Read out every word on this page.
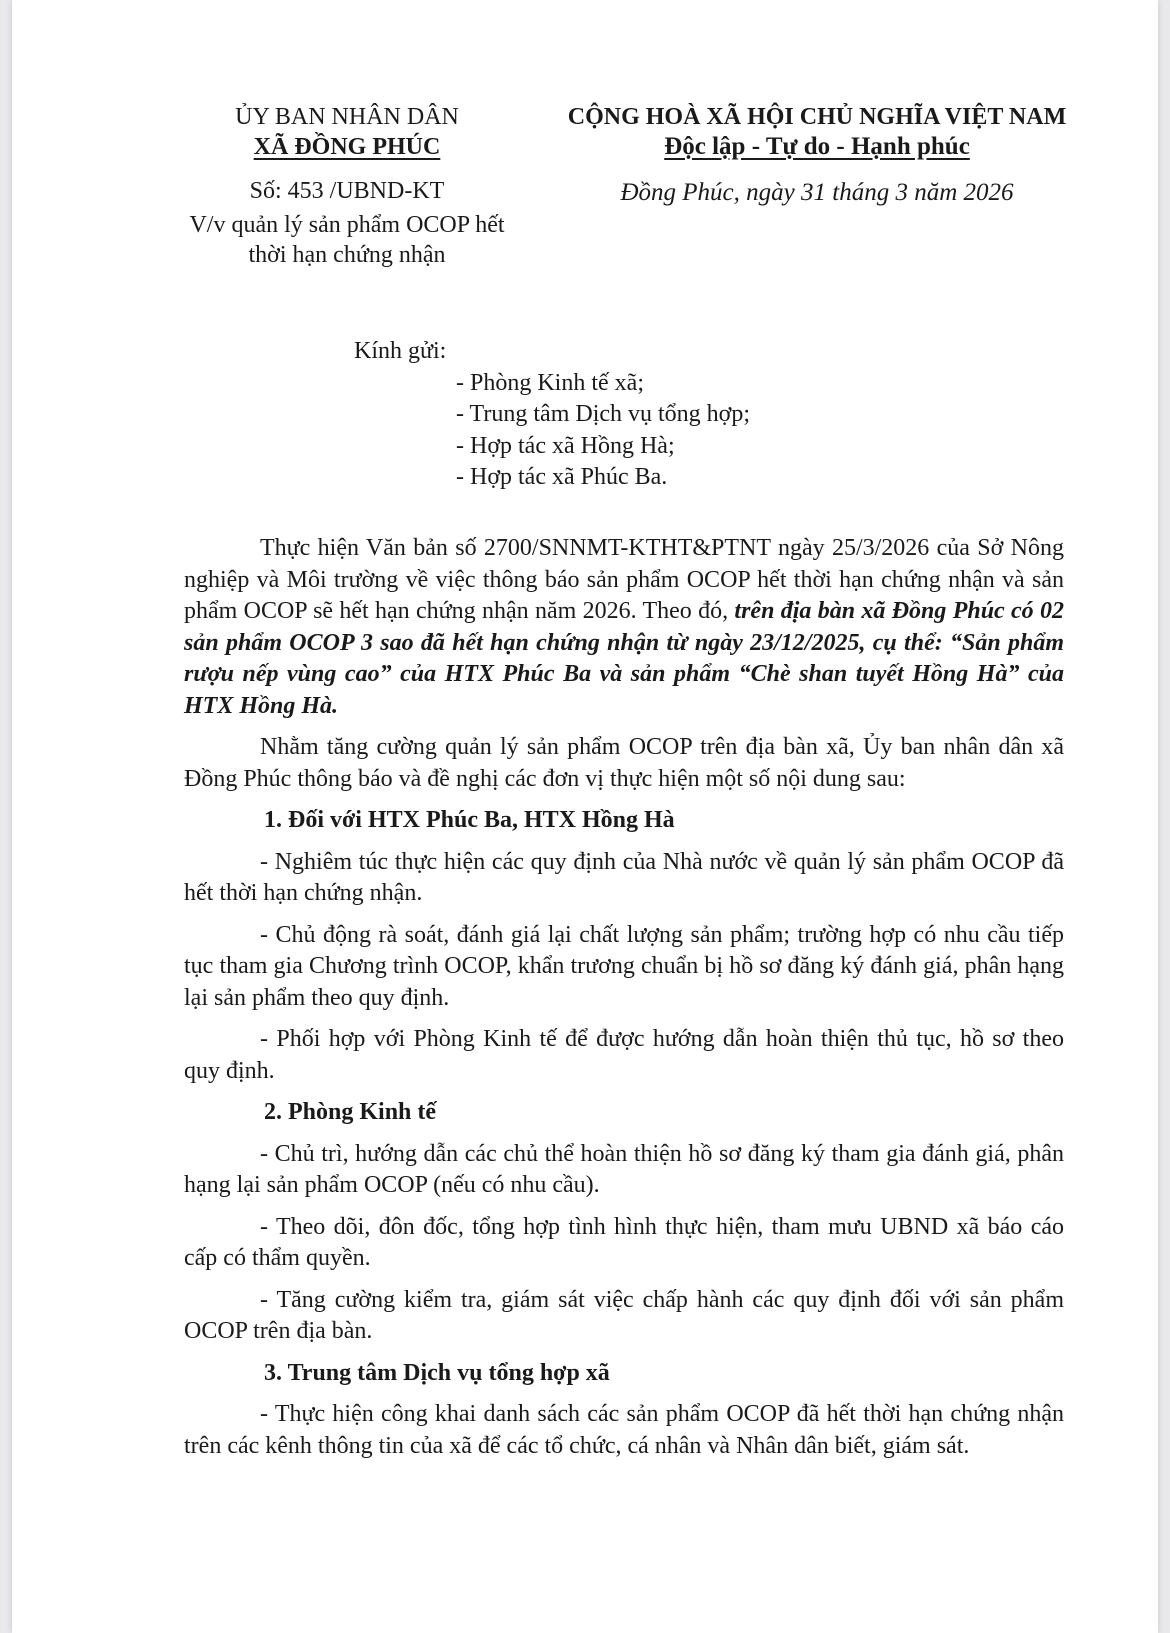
ỦY BAN NHÂN DÂN
XÃ ĐỒNG PHÚC
Số: 453 /UBND-KT
V/v quản lý sản phẩm OCOP hết
thời hạn chứng nhận
CỘNG HOÀ XÃ HỘI CHỦ NGHĨA VIỆT NAM
Độc lập - Tự do - Hạnh phúc
Đồng Phúc, ngày 31 tháng 3 năm 2026
Kính gửi:
- Phòng Kinh tế xã;
- Trung tâm Dịch vụ tổng hợp;
- Hợp tác xã Hồng Hà;
- Hợp tác xã Phúc Ba.

Thực hiện Văn bản số 2700/SNNMT-KTHT&PTNT ngày 25/3/2026 của Sở Nông nghiệp và Môi trường về việc thông báo sản phẩm OCOP hết thời hạn chứng nhận và sản phẩm OCOP sẽ hết hạn chứng nhận năm 2026. Theo đó, trên địa bàn xã Đồng Phúc có 02 sản phẩm OCOP 3 sao đã hết hạn chứng nhận từ ngày 23/12/2025, cụ thể: “Sản phẩm rượu nếp vùng cao” của HTX Phúc Ba và sản phẩm “Chè shan tuyết Hồng Hà” của HTX Hồng Hà.

Nhằm tăng cường quản lý sản phẩm OCOP trên địa bàn xã, Ủy ban nhân dân xã Đồng Phúc thông báo và đề nghị các đơn vị thực hiện một số nội dung sau:

1. Đối với HTX Phúc Ba, HTX Hồng Hà

- Nghiêm túc thực hiện các quy định của Nhà nước về quản lý sản phẩm OCOP đã hết thời hạn chứng nhận.

- Chủ động rà soát, đánh giá lại chất lượng sản phẩm; trường hợp có nhu cầu tiếp tục tham gia Chương trình OCOP, khẩn trương chuẩn bị hồ sơ đăng ký đánh giá, phân hạng lại sản phẩm theo quy định.

- Phối hợp với Phòng Kinh tế để được hướng dẫn hoàn thiện thủ tục, hồ sơ theo quy định.

2. Phòng Kinh tế

- Chủ trì, hướng dẫn các chủ thể hoàn thiện hồ sơ đăng ký tham gia đánh giá, phân hạng lại sản phẩm OCOP (nếu có nhu cầu).

- Theo dõi, đôn đốc, tổng hợp tình hình thực hiện, tham mưu UBND xã báo cáo cấp có thẩm quyền.

- Tăng cường kiểm tra, giám sát việc chấp hành các quy định đối với sản phẩm OCOP trên địa bàn.

3. Trung tâm Dịch vụ tổng hợp xã

- Thực hiện công khai danh sách các sản phẩm OCOP đã hết thời hạn chứng nhận trên các kênh thông tin của xã để các tổ chức, cá nhân và Nhân dân biết, giám sát.
